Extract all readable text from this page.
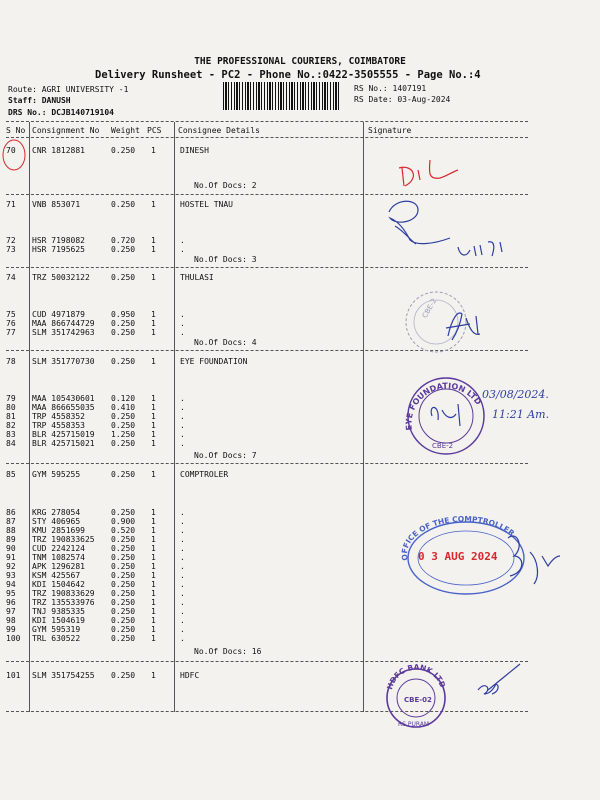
THE PROFESSIONAL COURIERS, COIMBATORE
Delivery Runsheet - PC2 - Phone No.:0422-3505555 - Page No.:4
Route: AGRI UNIVERSITY -1
Staff: DANUSH
DRS No.: DCJB140719104
RS No.: 1407191
RS Date: 03-Aug-2024
S No Consignment No Weight PCS Consignee Details	Signature
70 CNR 1812881	0.250 1	DINESH
No.Of Docs: 2
71 VNB 853071	0.250 1	HOSTEL TNAU
72 HSR 7198082	0.720 1	.
73 HSR 7195625	0.250 1	.
No.Of Docs: 3
74 TRZ 50032122	0.250 1	THULASI
75 CUD 4971879	0.950 1	.
76 MAA 866744729 0.250 1	.
77 SLM 351742963 0.250 1	.
No.Of Docs: 4
78 SLM 351770730 0.250 1	EYE FOUNDATION
79 MAA 105430601 0.120 1	.
80 MAA 866655035 0.410 1	.
81 TRP 4558352	0.250 1	.
82 TRP 4558353	0.250 1	.
83 BLR 425715019 1.250 1	.
84 BLR 425715021 0.250 1	.
No.Of Docs: 7
85 GYM 595255	0.250 1	COMPTROLER
86 KRG 278054	0.250 1	.
87 STY 406965	0.900 1	.
88 KMU 2851699	0.520 1	.
89 TRZ 190833625 0.250 1	.
90 CUD 2242124	0.250 1	.
91 TNM 1082574	0.250 1	.
92 APK 1296281	0.250 1	.
93 KSM 425567	0.250 1	.
94 KDI 1504642	0.250 1	.
95 TRZ 190833629 0.250 1	.
96 TRZ 135533976 0.250 1	.
97 TNJ 9385335	0.250 1	.
98 KDI 1504619	0.250 1	.
99 GYM 595319	0.250 1	.
100 TRL 630522	0.250 1	.
No.Of Docs: 16
101 SLM 351754255 0.250 1	HDFC
CBE-2
EYE FOUNDATION LTD
CBE-2
03/08/2024.
11:21 Am.
OFFICE OF THE COMPTROLLER
0 3 AUG 2024
HDFC BANK LTD
CBE-02
RS PURAM
